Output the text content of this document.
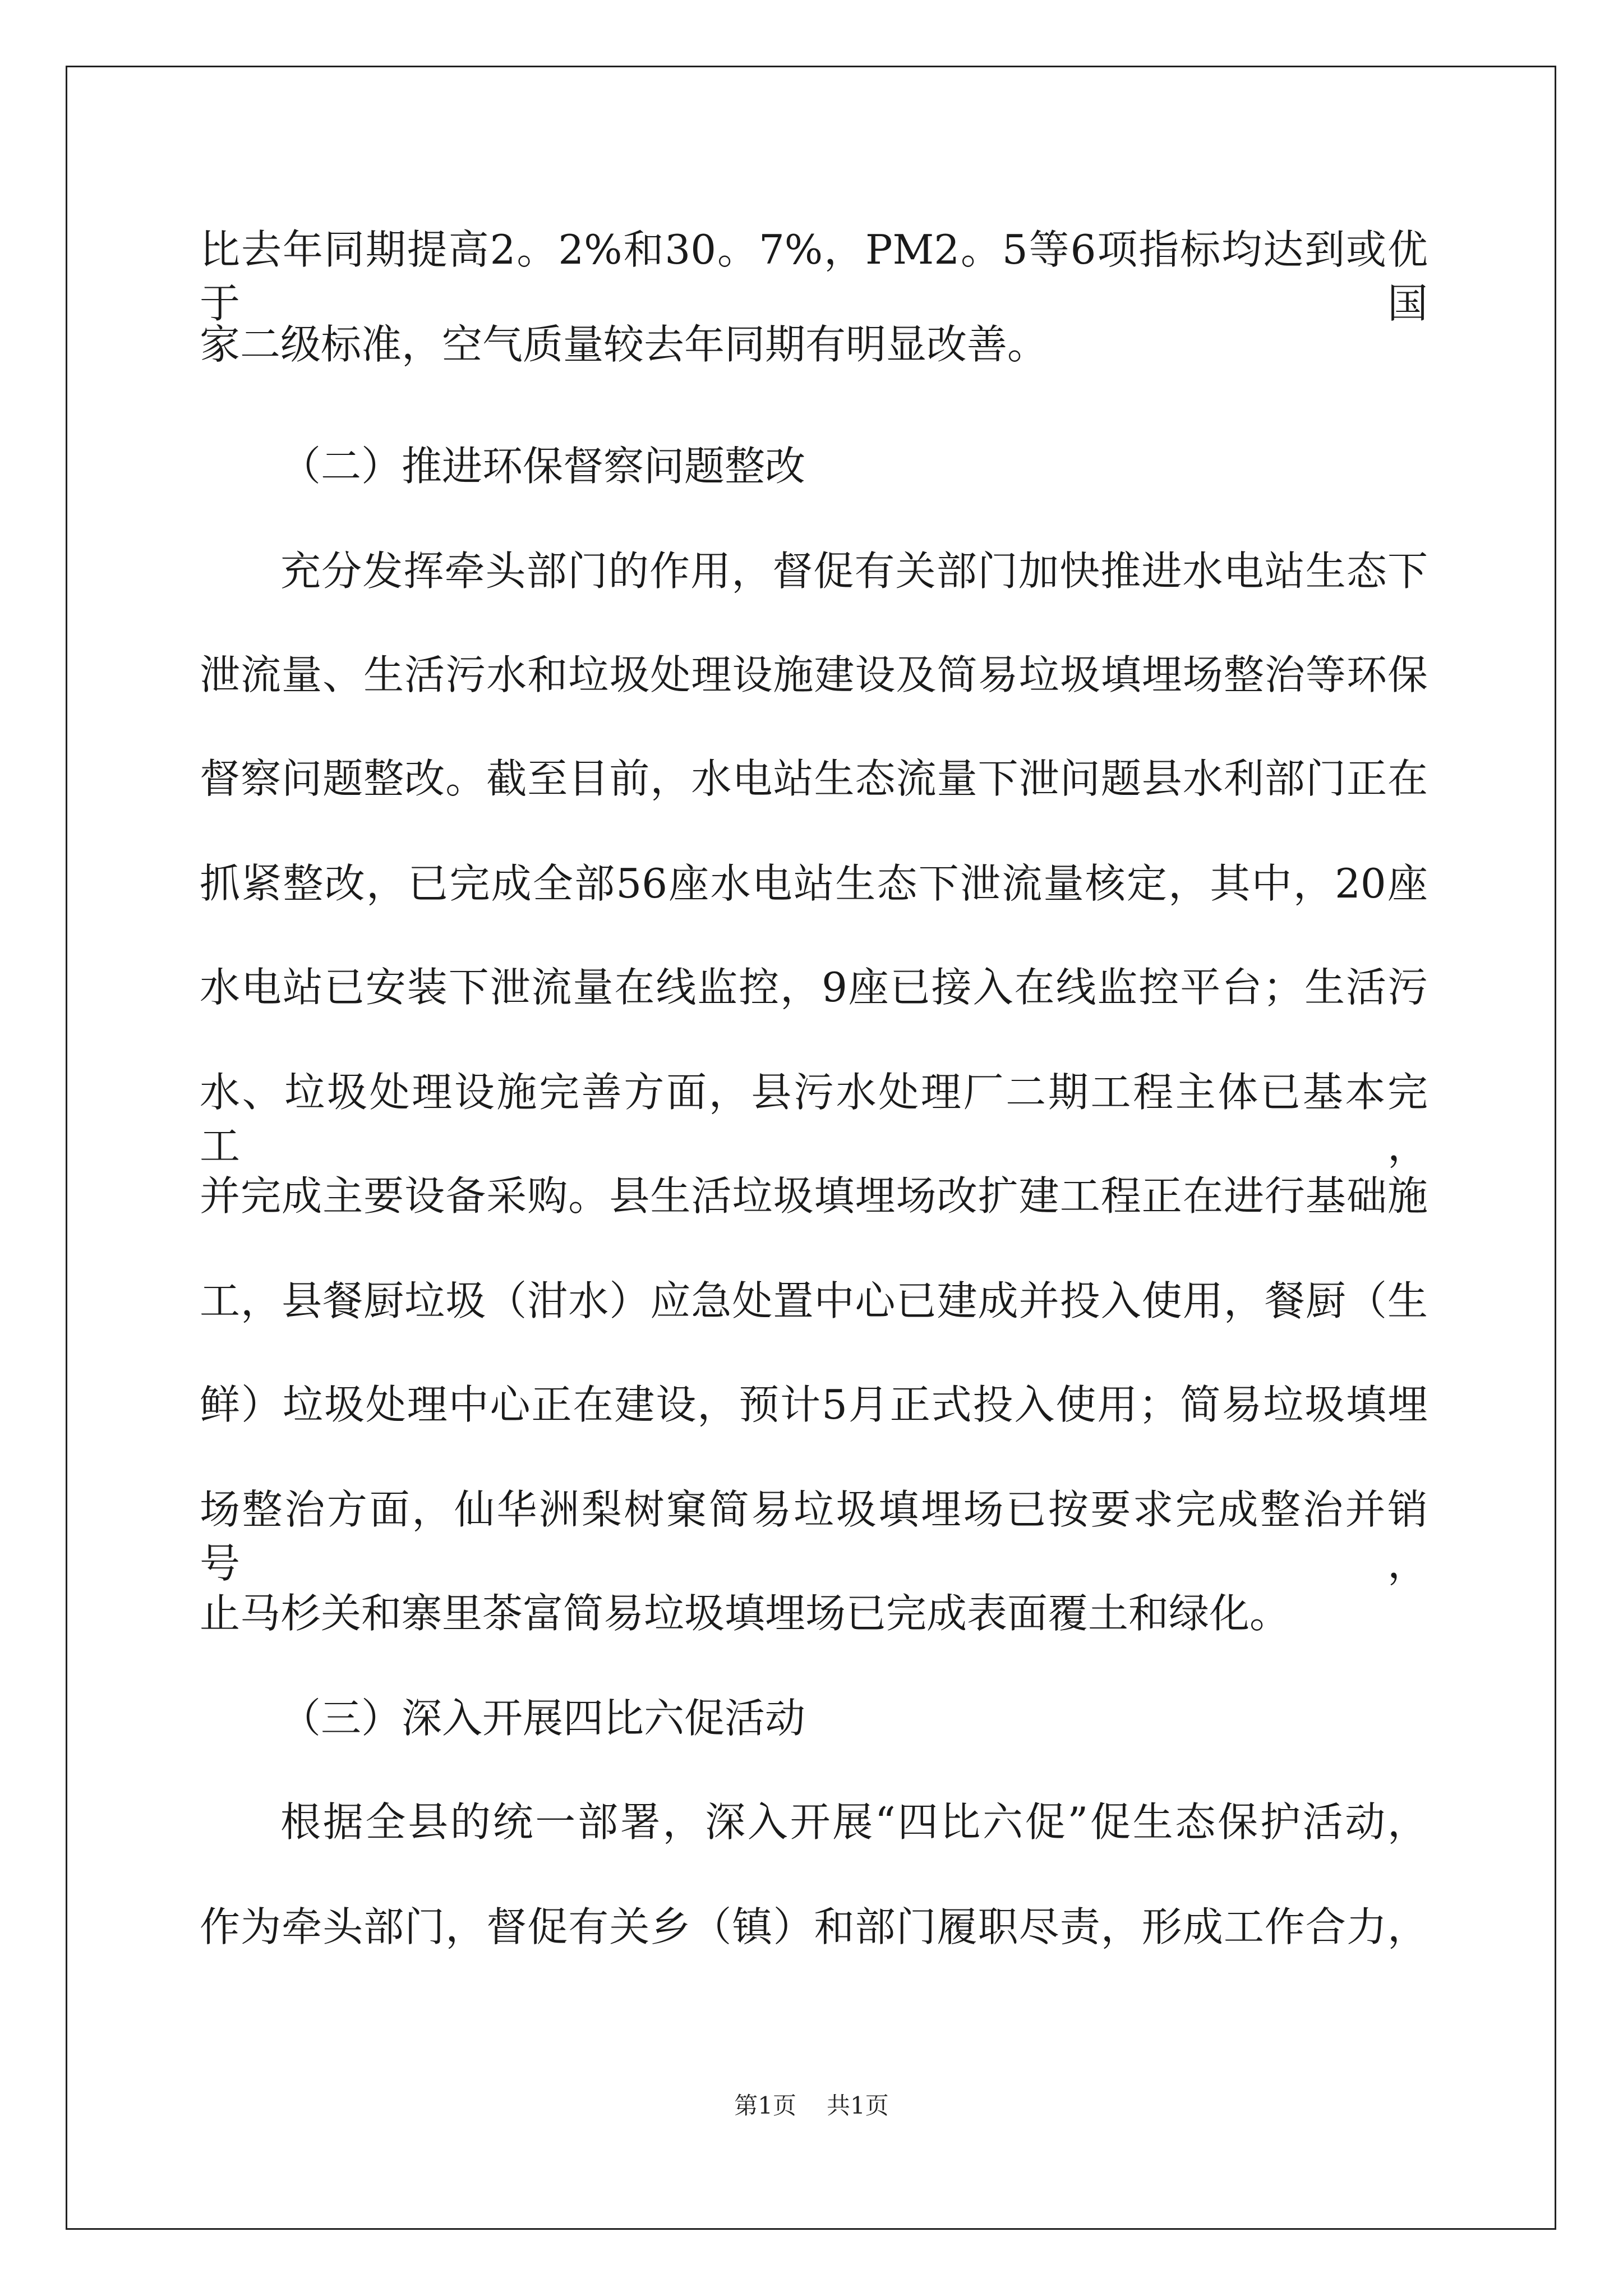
比去年同期提高2。2%和30。7%，PM2。5等6项指标均达到或优于国
家二级标准，空气质量较去年同期有明显改善。
（二）推进环保督察问题整改
充分发挥牵头部门的作用，督促有关部门加快推进水电站生态下
泄流量、生活污水和垃圾处理设施建设及简易垃圾填埋场整治等环保
督察问题整改。截至目前，水电站生态流量下泄问题县水利部门正在
抓紧整改，已完成全部56座水电站生态下泄流量核定，其中，20座
水电站已安装下泄流量在线监控，9座已接入在线监控平台；生活污
水、垃圾处理设施完善方面，县污水处理厂二期工程主体已基本完工，
并完成主要设备采购。县生活垃圾填埋场改扩建工程正在进行基础施
工，县餐厨垃圾（泔水）应急处置中心已建成并投入使用，餐厨（生
鲜）垃圾处理中心正在建设，预计5月正式投入使用；简易垃圾填埋
场整治方面，仙华洲梨树窠简易垃圾填埋场已按要求完成整治并销号，
止马杉关和寨里茶富简易垃圾填埋场已完成表面覆土和绿化。
（三）深入开展四比六促活动
根据全县的统一部署，深入开展“四比六促”促生态保护活动，
作为牵头部门，督促有关乡（镇）和部门履职尽责，形成工作合力，
第1页 共1页
